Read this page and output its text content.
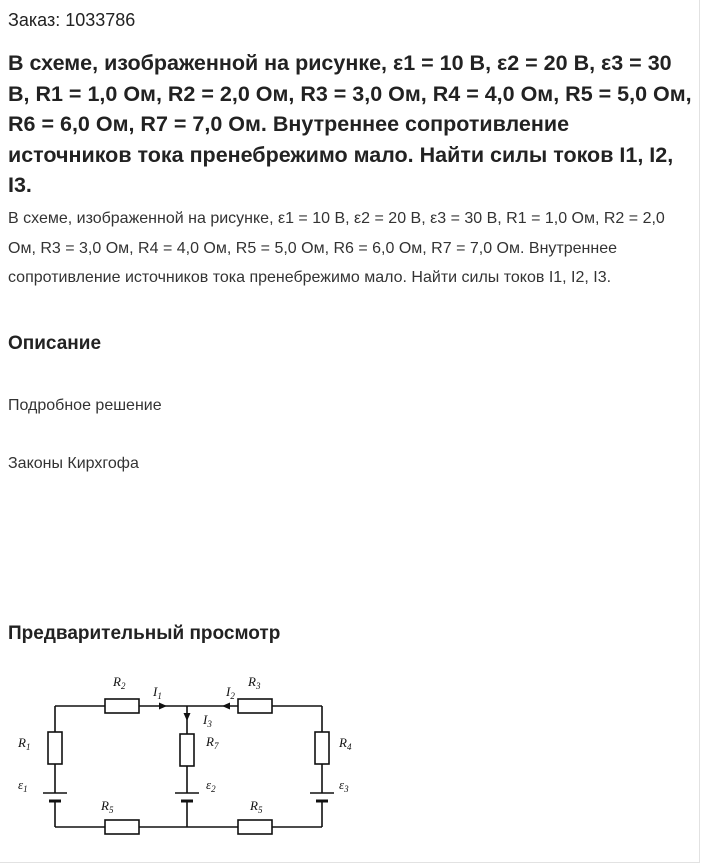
Заказ: 1033786
В схеме, изображенной на рисунке, ε1 = 10 В, ε2 = 20 В, ε3 = 30 В, R1 = 1,0 Ом, R2 = 2,0 Ом, R3 = 3,0 Ом, R4 = 4,0 Ом, R5 = 5,0 Ом, R6 = 6,0 Ом, R7 = 7,0 Ом. Внутреннее сопротивление источников тока пренебрежимо мало. Найти силы токов I1, I2, I3.

В схеме, изображенной на рисунке, ε1 = 10 В, ε2 = 20 В, ε3 = 30 В, R1 = 1,0 Ом, R2 = 2,0 Ом, R3 = 3,0 Ом, R4 = 4,0 Ом, R5 = 5,0 Ом, R6 = 6,0 Ом, R7 = 7,0 Ом. Внутреннее сопротивление источников тока пренебрежимо мало. Найти силы токов I1, I2, I3.

Описание
Подробное решение
Законы Кирхгофа
Предварительный просмотр
$R_2$	$R_3$
$I_1$	$I_2$
$I_3$
$R_1$	$R_7$	$R_4$
$\varepsilon_1$	$\varepsilon_2$	$\varepsilon_3$
$R_5$	$R_5$
